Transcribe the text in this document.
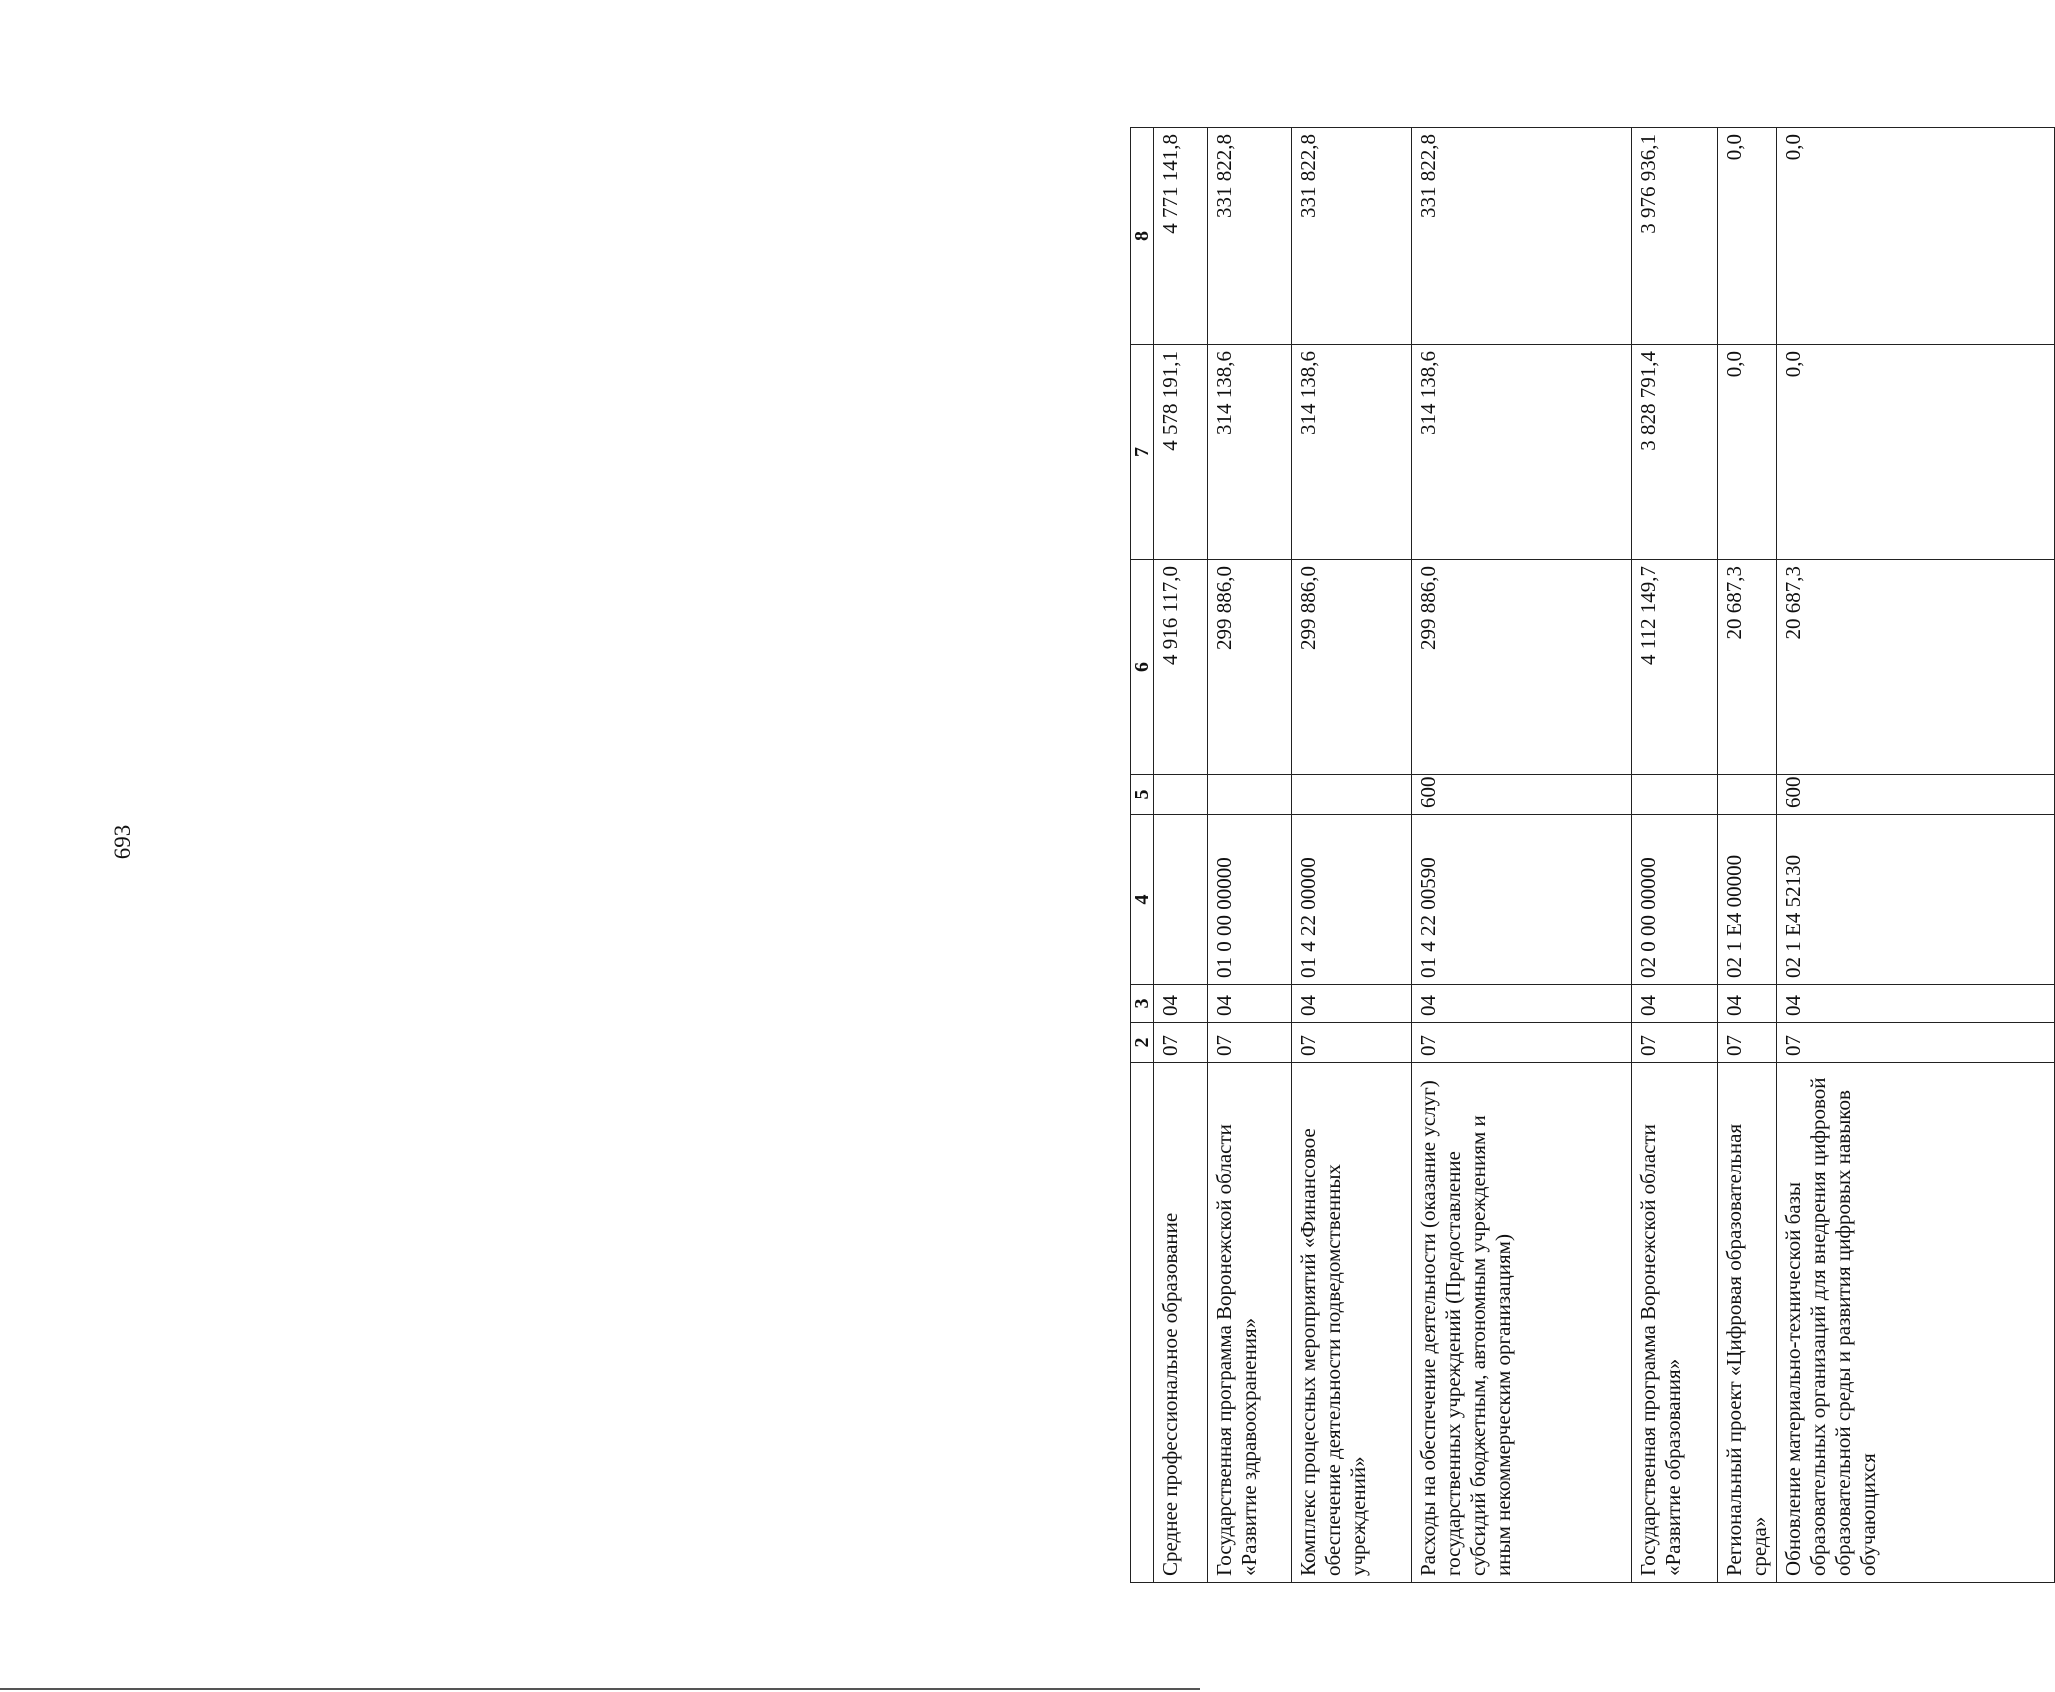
693
	2	3	4	5	6	7	8
Среднее профессиональное образование	07	04			4 916 117,0	4 578 191,1	4 771 141,8
Государственная программа Воронежской области «Развитие здравоохранения»	07	04	01 0 00 00000		299 886,0	314 138,6	331 822,8
Комплекс процессных мероприятий «Финансовое обеспечение деятельности подведомственных учреждений»	07	04	01 4 22 00000		299 886,0	314 138,6	331 822,8
Расходы на обеспечение деятельности (оказание услуг) государственных учреждений (Предоставление субсидий бюджетным, автономным учреждениям и иным некоммерческим организациям)	07	04	01 4 22 00590	600	299 886,0	314 138,6	331 822,8
Государственная программа Воронежской области «Развитие образования»	07	04	02 0 00 00000		4 112 149,7	3 828 791,4	3 976 936,1
Региональный проект «Цифровая образовательная среда»	07	04	02 1 E4 00000		20 687,3	0,0	0,0
Обновление материально-технической базы образовательных организаций для внедрения цифровой образовательной среды и развития цифровых навыков обучающихся	07	04	02 1 E4 52130	600	20 687,3	0,0	0,0
